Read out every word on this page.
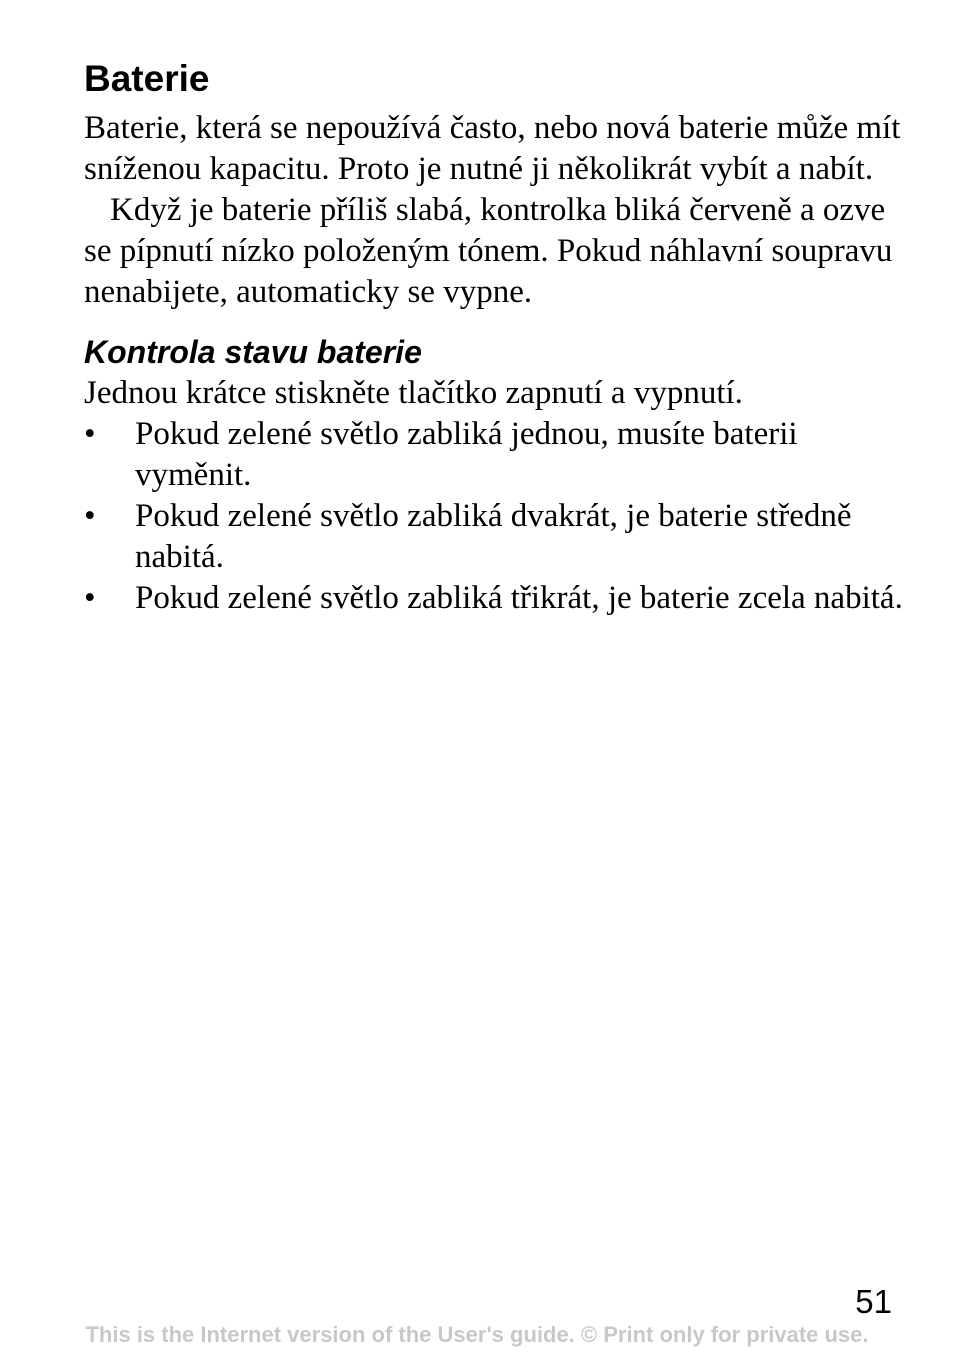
Baterie

Baterie, která se nepoužívá často, nebo nová baterie může mít sníženou kapacitu. Proto je nutné ji několikrát vybít a nabít.

Když je baterie příliš slabá, kontrolka bliká červeně a ozve se pípnutí nízko položeným tónem. Pokud náhlavní soupravu nenabijete, automaticky se vypne.

Kontrola stavu baterie

Jednou krátce stiskněte tlačítko zapnutí a vypnutí.

• Pokud zelené světlo zabliká jednou, musíte baterii vyměnit.
• Pokud zelené světlo zabliká dvakrát, je baterie středně nabitá.
• Pokud zelené světlo zabliká třikrát, je baterie zcela nabitá.
51
This is the Internet version of the User's guide. © Print only for private use.
